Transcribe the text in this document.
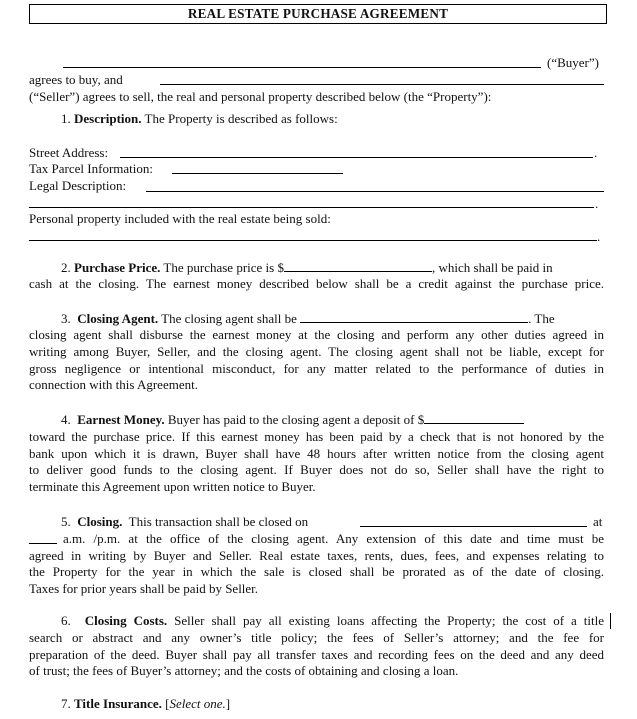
REAL ESTATE PURCHASE AGREEMENT
(“Buyer”)
agrees to buy, and
(“Seller”) agrees to sell, the real and personal property described below (the “Property”):
1. Description. The Property is described as follows:
Street Address:	.
Tax Parcel Information:
Legal Description:
.
Personal property included with the real estate being sold:
.
2. Purchase Price. The purchase price is $	, which shall be paid in
cash at the closing. The earnest money described below shall be a credit against the purchase price.
3. Closing Agent. The closing agent shall be	. The
closing agent shall disburse the earnest money at the closing and perform any other duties agreed in
writing among Buyer, Seller, and the closing agent. The closing agent shall not be liable, except for
gross negligence or intentional misconduct, for any matter related to the performance of duties in
connection with this Agreement.
4. Earnest Money. Buyer has paid to the closing agent a deposit of $
toward the purchase price. If this earnest money has been paid by a check that is not honored by the
bank upon which it is drawn, Buyer shall have 48 hours after written notice from the closing agent
to deliver good funds to the closing agent. If Buyer does not do so, Seller shall have the right to
terminate this Agreement upon written notice to Buyer.
5. Closing. This transaction shall be closed on	at
a.m. /p.m. at the office of the closing agent. Any extension of this date and time must be
agreed in writing by Buyer and Seller. Real estate taxes, rents, dues, fees, and expenses relating to
the Property for the year in which the sale is closed shall be prorated as of the date of closing.
Taxes for prior years shall be paid by Seller.
6. Closing Costs. Seller shall pay all existing loans affecting the Property; the cost of a title
search or abstract and any owner’s title policy; the fees of Seller’s attorney; and the fee for
preparation of the deed. Buyer shall pay all transfer taxes and recording fees on the deed and any deed
of trust; the fees of Buyer’s attorney; and the costs of obtaining and closing a loan.
7. Title Insurance. [Select one.]
